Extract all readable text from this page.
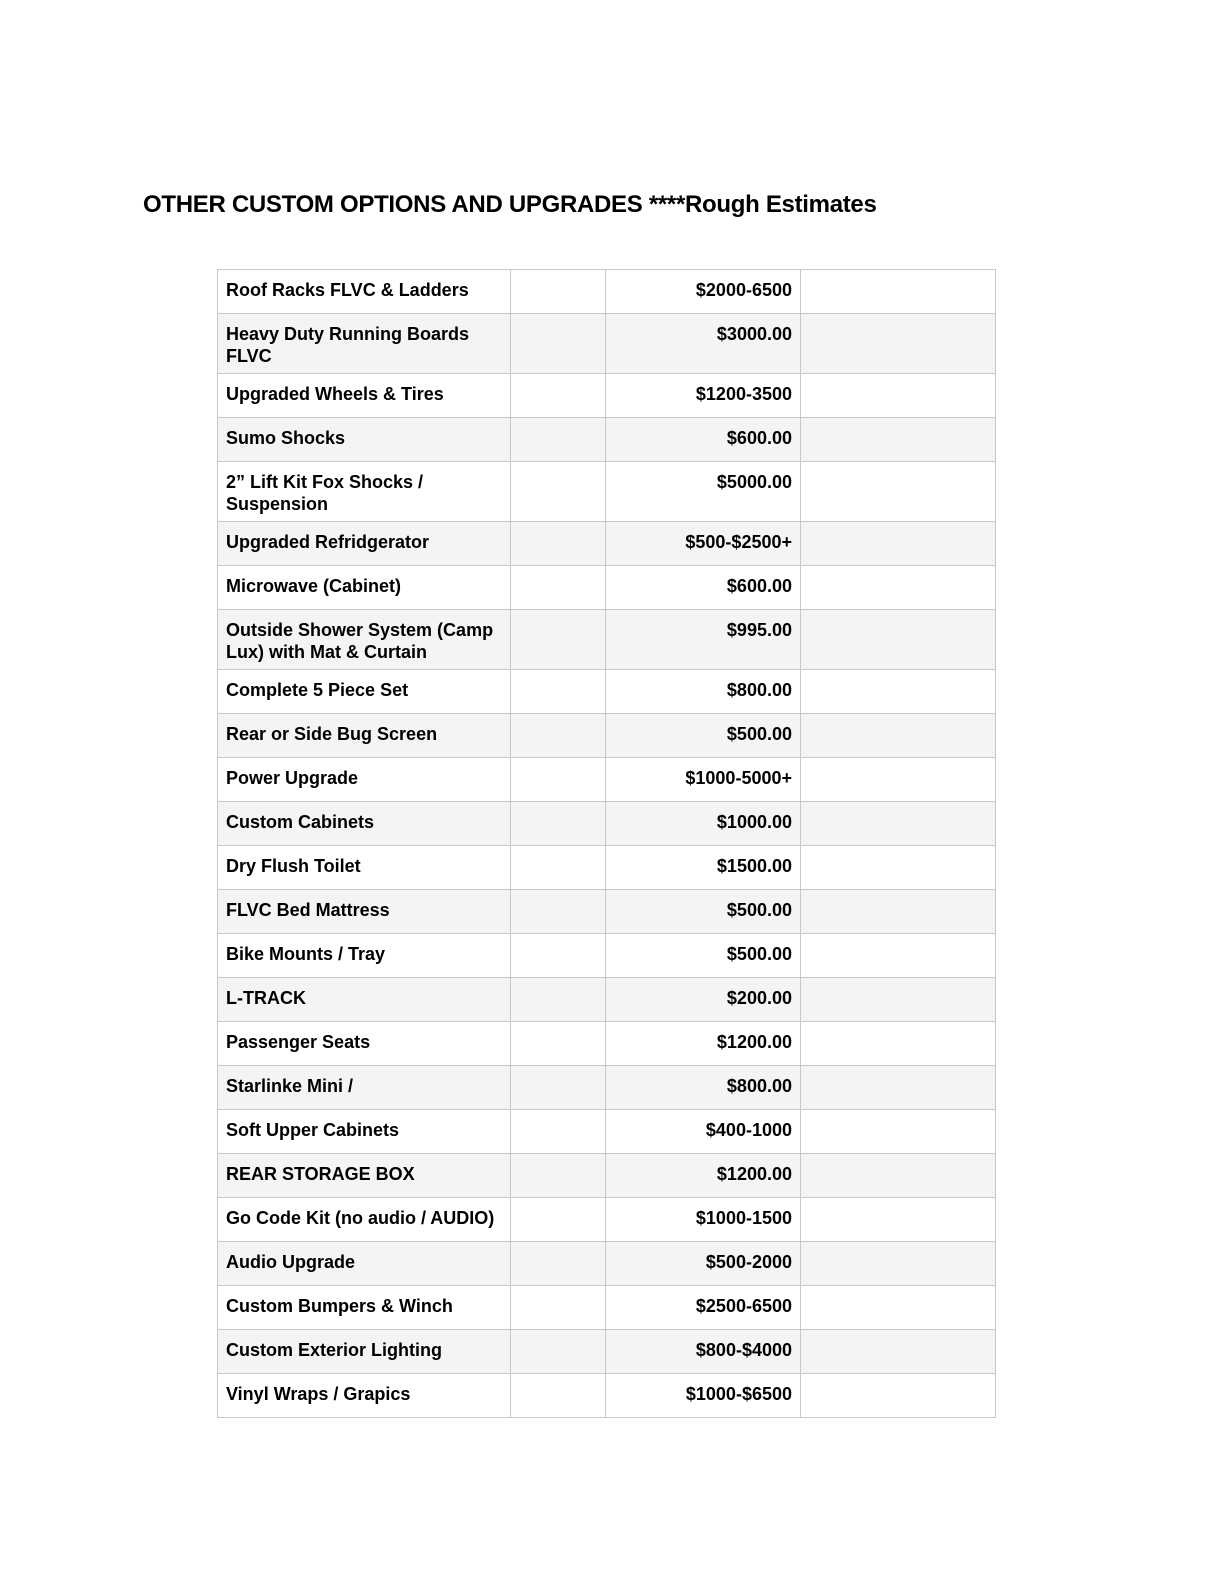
OTHER CUSTOM OPTIONS AND UPGRADES ****Rough Estimates
Roof Racks FLVC & Ladders		$2000-6500	
Heavy Duty Running Boards FLVC		$3000.00	
Upgraded Wheels & Tires		$1200-3500	
Sumo Shocks		$600.00	
2” Lift Kit Fox Shocks / Suspension		$5000.00	
Upgraded Refridgerator		$500-$2500+	
Microwave (Cabinet)		$600.00	
Outside Shower System (Camp Lux) with Mat & Curtain		$995.00	
Complete 5 Piece Set		$800.00	
Rear or Side Bug Screen		$500.00	
Power Upgrade		$1000-5000+	
Custom Cabinets		$1000.00	
Dry Flush Toilet		$1500.00	
FLVC Bed Mattress		$500.00	
Bike Mounts / Tray		$500.00	
L-TRACK		$200.00	
Passenger Seats		$1200.00	
Starlinke Mini /		$800.00	
Soft Upper Cabinets		$400-1000	
REAR STORAGE BOX		$1200.00	
Go Code Kit (no audio / AUDIO)		$1000-1500	
Audio Upgrade		$500-2000	
Custom Bumpers & Winch		$2500-6500	
Custom Exterior Lighting		$800-$4000	
Vinyl Wraps / Grapics		$1000-$6500	
